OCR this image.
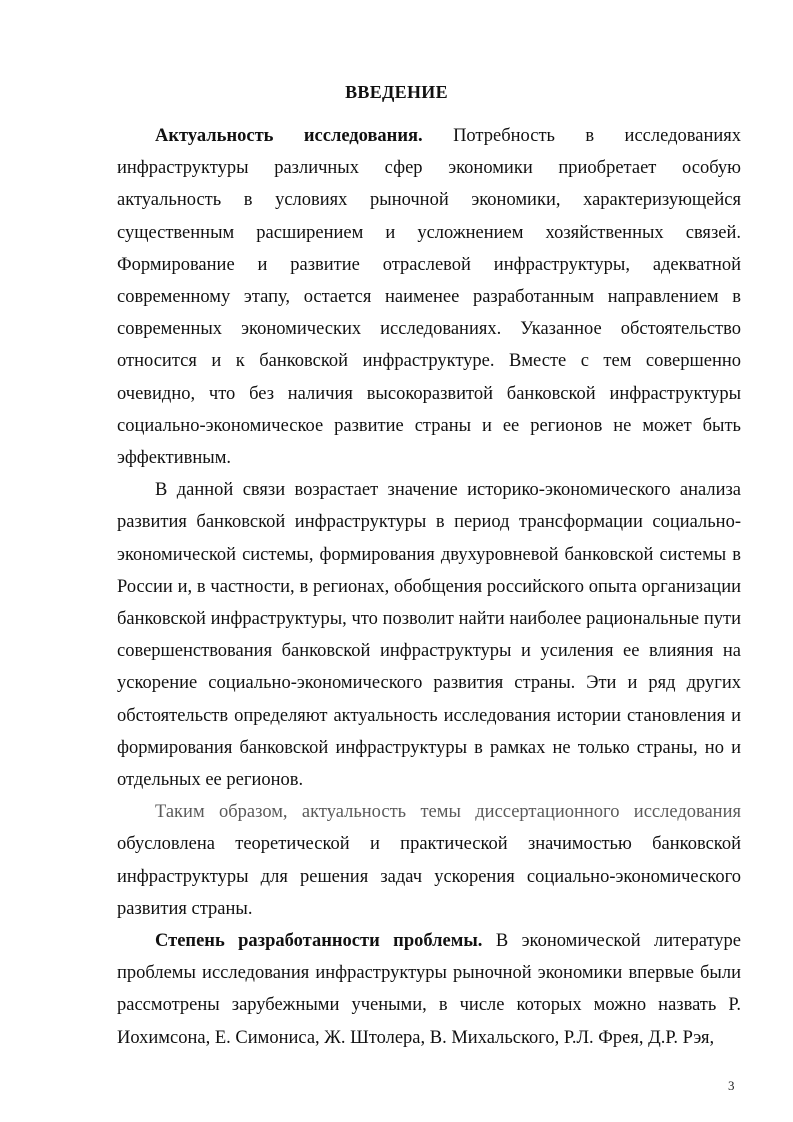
ВВЕДЕНИЕ

Актуальность исследования. Потребность в исследованиях инфраструктуры различных сфер экономики приобретает особую актуальность в условиях рыночной экономики, характеризующейся существенным расширением и усложнением хозяйственных связей. Формирование и развитие отраслевой инфраструктуры, адекватной современному этапу, остается наименее разработанным направлением в современных экономических исследованиях. Указанное обстоятельство относится и к банковской инфраструктуре. Вместе с тем совершенно очевидно, что без наличия высокоразвитой банковской инфраструктуры социально-экономическое развитие страны и ее регионов не может быть эффективным.

В данной связи возрастает значение историко-экономического анализа развития банковской инфраструктуры в период трансформации социально-экономической системы, формирования двухуровневой банковской системы в России и, в частности, в регионах, обобщения российского опыта организации банковской инфраструктуры, что позволит найти наиболее рациональные пути совершенствования банковской инфраструктуры и усиления ее влияния на ускорение социально-экономического развития страны. Эти и ряд других обстоятельств определяют актуальность исследования истории становления и формирования банковской инфраструктуры в рамках не только страны, но и отдельных ее регионов.

Таким образом, актуальность темы диссертационного исследования обусловлена теоретической и практической значимостью банковской инфраструктуры для решения задач ускорения социально-экономического развития страны.

Степень разработанности проблемы. В экономической литературе проблемы исследования инфраструктуры рыночной экономики впервые были рассмотрены зарубежными учеными, в числе которых можно назвать Р. Иохимсона, Е. Симониса, Ж. Штолера, В. Михальского, Р.Л. Фрея, Д.Р. Рэя,

3
